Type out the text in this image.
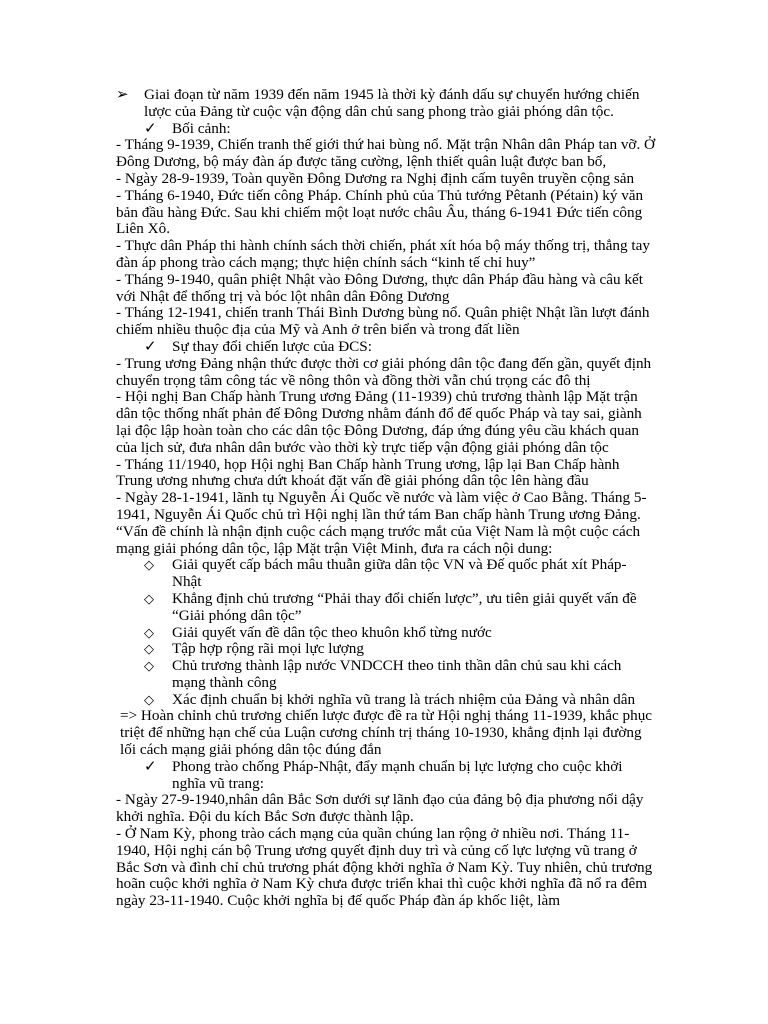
➢ Giai đoạn từ năm 1939 đến năm 1945 là thời kỳ đánh dấu sự chuyển hướng chiến lược của Đảng từ cuộc vận động dân chủ sang phong trào giải phóng dân tộc.
✓ Bối cảnh:

- Tháng 9-1939, Chiến tranh thế giới thứ hai bùng nổ. Mặt trận Nhân dân Pháp tan vỡ. Ở Đông Dương, bộ máy đàn áp được tăng cường, lệnh thiết quân luật được ban bố,

- Ngày 28-9-1939, Toàn quyền Đông Dương ra Nghị định cấm tuyên truyền cộng sản

- Tháng 6-1940, Đức tiến công Pháp. Chính phủ của Thủ tướng Pêtanh (Pétain) ký văn bản đầu hàng Đức. Sau khi chiếm một loạt nước châu Âu, tháng 6-1941 Đức tiến công Liên Xô.

- Thực dân Pháp thi hành chính sách thời chiến, phát xít hóa bộ máy thống trị, thẳng tay đàn áp phong trào cách mạng; thực hiện chính sách “kinh tế chỉ huy”

- Tháng 9-1940, quân phiệt Nhật vào Đông Dương, thực dân Pháp đầu hàng và câu kết với Nhật để thống trị và bóc lột nhân dân Đông Dương

- Tháng 12-1941, chiến tranh Thái Bình Dương bùng nổ. Quân phiệt Nhật lần lượt đánh chiếm nhiều thuộc địa của Mỹ và Anh ở trên biển và trong đất liền

✓ Sự thay đổi chiến lược của ĐCS:

- Trung ương Đảng nhận thức được thời cơ giải phóng dân tộc đang đến gần, quyết định chuyển trọng tâm công tác về nông thôn và đồng thời vẫn chú trọng các đô thị

- Hội nghị Ban Chấp hành Trung ương Đảng (11-1939) chủ trương thành lập Mặt trận dân tộc thống nhất phản đế Đông Dương nhằm đánh đổ đế quốc Pháp và tay sai, giành lại độc lập hoàn toàn cho các dân tộc Đông Dương, đáp ứng đúng yêu cầu khách quan của lịch sử, đưa nhân dân bước vào thời kỳ trực tiếp vận động giải phóng dân tộc

- Tháng 11/1940, họp Hội nghị Ban Chấp hành Trung ương, lập lại Ban Chấp hành Trung ương nhưng chưa dứt khoát đặt vấn đề giải phóng dân tộc lên hàng đầu

- Ngày 28-1-1941, lãnh tụ Nguyễn Ái Quốc về nước và làm việc ở Cao Bằng. Tháng 5-1941, Nguyễn Ái Quốc chủ trì Hội nghị lần thứ tám Ban chấp hành Trung ương Đảng. “Vấn đề chính là nhận định cuộc cách mạng trước mắt của Việt Nam là một cuộc cách mạng giải phóng dân tộc, lập Mặt trận Việt Minh, đưa ra cách nội dung:

◇ Giải quyết cấp bách mâu thuẫn giữa dân tộc VN và Đế quốc phát xít Pháp-Nhật
◇ Khẳng định chủ trương “Phải thay đổi chiến lược”, ưu tiên giải quyết vấn đề “Giải phóng dân tộc”
◇ Giải quyết vấn đề dân tộc theo khuôn khổ từng nước
◇ Tập hợp rộng rãi mọi lực lượng
◇ Chủ trương thành lập nước VNDCCH theo tinh thần dân chủ sau khi cách mạng thành công
◇ Xác định chuẩn bị khởi nghĩa vũ trang là trách nhiệm của Đảng và nhân dân

=> Hoàn chỉnh chủ trương chiến lược được đề ra từ Hội nghị tháng 11-1939, khắc phục triệt để những hạn chế của Luận cương chính trị tháng 10-1930, khẳng định lại đường lối cách mạng giải phóng dân tộc đúng đắn

✓ Phong trào chống Pháp-Nhật, đẩy mạnh chuẩn bị lực lượng cho cuộc khởi nghĩa vũ trang:

- Ngày 27-9-1940,nhân dân Bắc Sơn dưới sự lãnh đạo của đảng bộ địa phương nổi dậy khởi nghĩa. Đội du kích Bắc Sơn được thành lập.

- Ở Nam Kỳ, phong trào cách mạng của quần chúng lan rộng ở nhiều nơi. Tháng 11-1940, Hội nghị cán bộ Trung ương quyết định duy trì và củng cố lực lượng vũ trang ở Bắc Sơn và đình chỉ chủ trương phát động khởi nghĩa ở Nam Kỳ. Tuy nhiên, chủ trương hoãn cuộc khởi nghĩa ở Nam Kỳ chưa được triển khai thì cuộc khởi nghĩa đã nổ ra đêm ngày 23-11-1940. Cuộc khởi nghĩa bị đế quốc Pháp đàn áp khốc liệt, làm
